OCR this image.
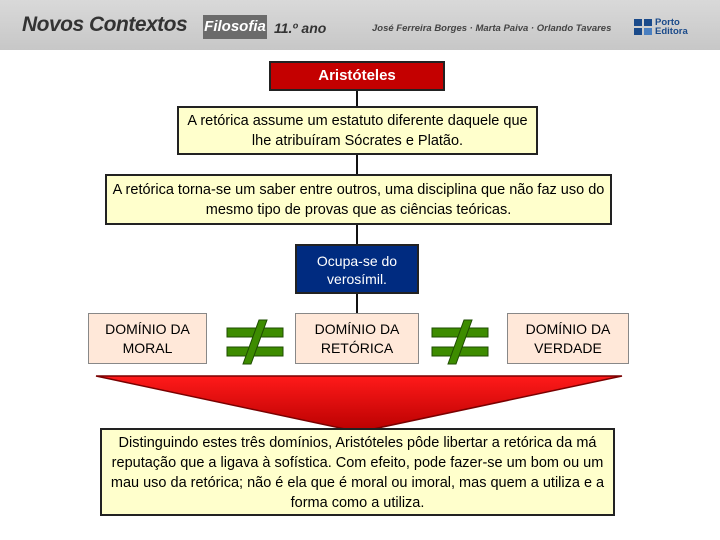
Novos Contextos Filosofia 11.º ano	José Ferreira Borges · Marta Paiva · Orlando Tavares
Porto
Editora
Aristóteles
A retórica assume um estatuto diferente daquele que lhe atribuíram Sócrates e Platão.
A retórica torna-se um saber entre outros, uma disciplina que não faz uso do mesmo tipo de provas que as ciências teóricas.
Ocupa-se do verosímil.
DOMÍNIO DA MORAL
DOMÍNIO DA RETÓRICA
DOMÍNIO DA VERDADE
Distinguindo estes três domínios, Aristóteles pôde libertar a retórica da má reputação que a ligava à sofística. Com efeito, pode fazer-se um bom ou um mau uso da retórica; não é ela que é moral ou imoral, mas quem a utiliza e a forma como a utiliza.
